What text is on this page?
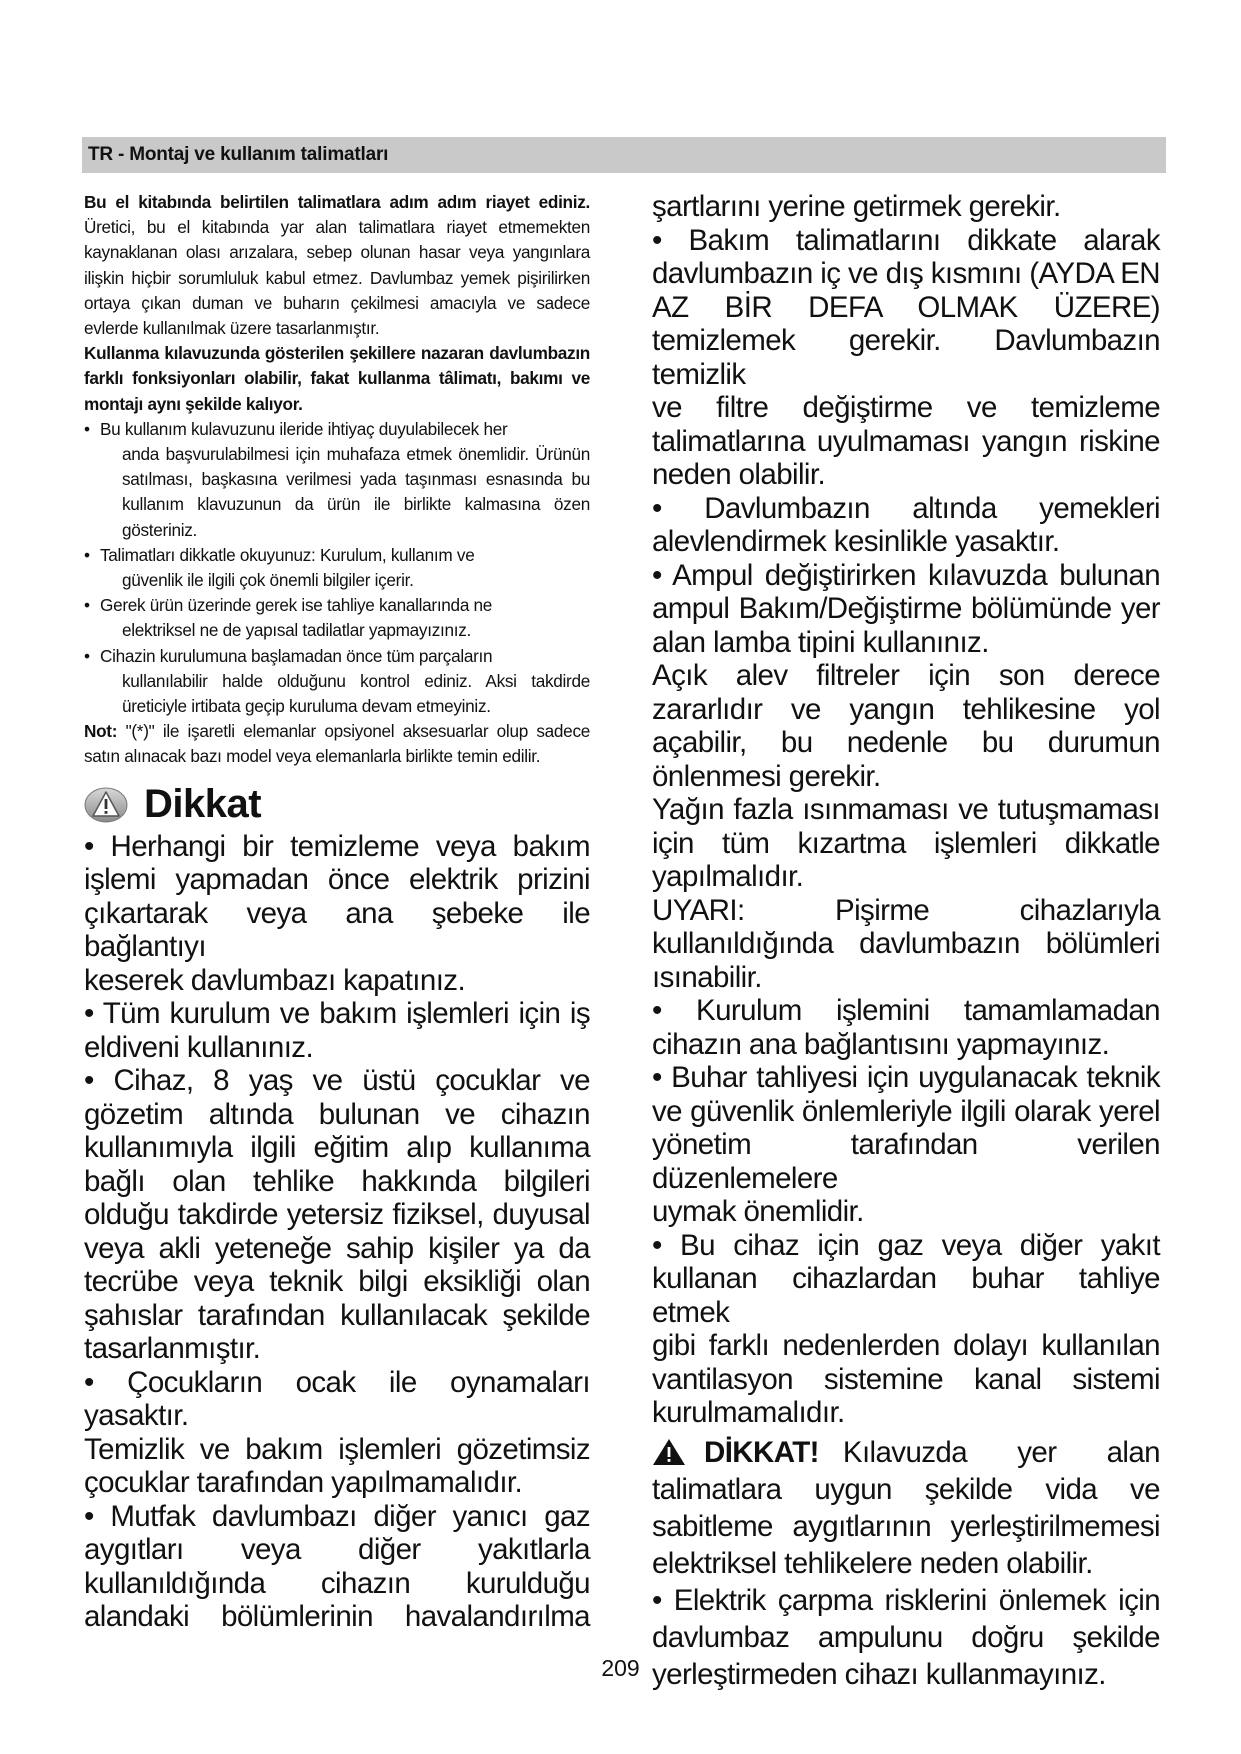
TR - Montaj ve kullanım talimatları

Bu el kitabında belirtilen talimatlara adım adım riayet ediniz. Üretici, bu el kitabında yar alan talimatlara riayet etmemekten kaynaklanan olası arızalara, sebep olunan hasar veya yangınlara ilişkin hiçbir sorumluluk kabul etmez. Davlumbaz yemek pişirilirken ortaya çıkan duman ve buharın çekilmesi amacıyla ve sadece evlerde kullanılmak üzere tasarlanmıştır.

Kullanma kılavuzunda gösterilen şekillere nazaran davlumbazın farklı fonksiyonları olabilir, fakat kullanma tâlimatı, bakımı ve montajı aynı şekilde kalıyor.

• Bu kullanım kulavuzunu ileride ihtiyaç duyulabilecek her
anda başvurulabilmesi için muhafaza etmek önemlidir. Ürünün satılması, başkasına verilmesi yada taşınması esnasında bu kullanım klavuzunun da ürün ile birlikte kalmasına özen gösteriniz.
• Talimatları dikkatle okuyunuz: Kurulum, kullanım ve
güvenlik ile ilgili çok önemli bilgiler içerir.
• Gerek ürün üzerinde gerek ise tahliye kanallarında ne
elektriksel ne de yapısal tadilatlar yapmayızınız.
• Cihazin kurulumuna başlamadan önce tüm parçaların
kullanılabilir halde olduğunu kontrol ediniz. Aksi takdirde üreticiyle irtibata geçip kuruluma devam etmeyiniz.

Not: "(*)" ile işaretli elemanlar opsiyonel aksesuarlar olup sadece satın alınacak bazı model veya elemanlarla birlikte temin edilir.

Dikkat
• Herhangi bir temizleme veya bakım
işlemi yapmadan önce elektrik prizini
çıkartarak veya ana şebeke ile bağlantıyı
keserek davlumbazı kapatınız.
• Tüm kurulum ve bakım işlemleri için iş
eldiveni kullanınız.
• Cihaz, 8 yaş ve üstü çocuklar ve
gözetim altında bulunan ve cihazın
kullanımıyla ilgili eğitim alıp kullanıma
bağlı olan tehlike hakkında bilgileri
olduğu takdirde yetersiz fiziksel, duyusal
veya akli yeteneğe sahip kişiler ya da
tecrübe veya teknik bilgi eksikliği olan
şahıslar tarafından kullanılacak şekilde
tasarlanmıştır.
• Çocukların ocak ile oynamaları yasaktır.
Temizlik ve bakım işlemleri gözetimsiz
çocuklar tarafından yapılmamalıdır.
• Mutfak davlumbazı diğer yanıcı gaz
aygıtları veya diğer yakıtlarla
kullanıldığında cihazın kurulduğu
alandaki bölümlerinin havalandırılma
şartlarını yerine getirmek gerekir.
• Bakım talimatlarını dikkate alarak
davlumbazın iç ve dış kısmını (AYDA EN
AZ BİR DEFA OLMAK ÜZERE)
temizlemek gerekir. Davlumbazın temizlik
ve filtre değiştirme ve temizleme
talimatlarına uyulmaması yangın riskine
neden olabilir.
• Davlumbazın altında yemekleri
alevlendirmek kesinlikle yasaktır.
• Ampul değiştirirken kılavuzda bulunan
ampul Bakım/Değiştirme bölümünde yer
alan lamba tipini kullanınız.
Açık alev filtreler için son derece
zararlıdır ve yangın tehlikesine yol
açabilir, bu nedenle bu durumun
önlenmesi gerekir.
Yağın fazla ısınmaması ve tutuşmaması
için tüm kızartma işlemleri dikkatle
yapılmalıdır.
UYARI: Pişirme cihazlarıyla
kullanıldığında davlumbazın bölümleri
ısınabilir.
• Kurulum işlemini tamamlamadan
cihazın ana bağlantısını yapmayınız.
• Buhar tahliyesi için uygulanacak teknik
ve güvenlik önlemleriyle ilgili olarak yerel
yönetim tarafından verilen düzenlemelere
uymak önemlidir.
• Bu cihaz için gaz veya diğer yakıt
kullanan cihazlardan buhar tahliye etmek
gibi farklı nedenlerden dolayı kullanılan
vantilasyon sistemine kanal sistemi
kurulmamalıdır.
DİKKAT! Kılavuzda yer alan
talimatlara uygun şekilde vida ve
sabitleme aygıtlarının yerleştirilmemesi
elektriksel tehlikelere neden olabilir.
• Elektrik çarpma risklerini önlemek için
davlumbaz ampulunu doğru şekilde
yerleştirmeden cihazı kullanmayınız.
209
